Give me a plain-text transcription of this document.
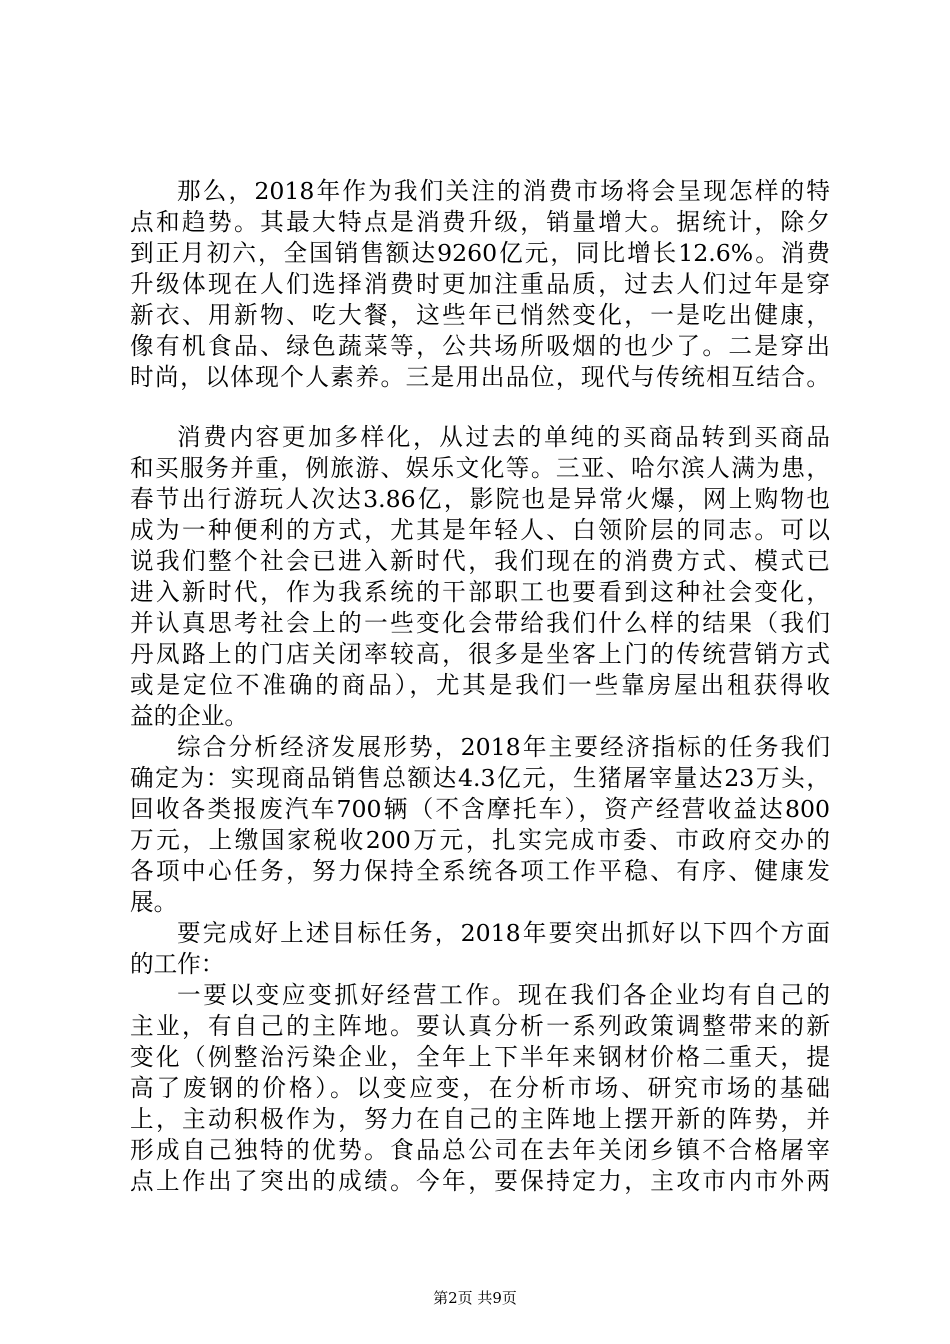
那么，2018年作为我们关注的消费市场将会呈现怎样的特
点和趋势。其最大特点是消费升级，销量增大。据统计，除夕
到正月初六，全国销售额达9260亿元，同比增长12.6%。消费
升级体现在人们选择消费时更加注重品质，过去人们过年是穿
新衣、用新物、吃大餐，这些年已悄然变化，一是吃出健康，
像有机食品、绿色蔬菜等，公共场所吸烟的也少了。二是穿出
时尚，以体现个人素养。三是用出品位，现代与传统相互结合。
消费内容更加多样化，从过去的单纯的买商品转到买商品
和买服务并重，例旅游、娱乐文化等。三亚、哈尔滨人满为患，
春节出行游玩人次达3.86亿，影院也是异常火爆，网上购物也
成为一种便利的方式，尤其是年轻人、白领阶层的同志。可以
说我们整个社会已进入新时代，我们现在的消费方式、模式已
进入新时代，作为我系统的干部职工也要看到这种社会变化，
并认真思考社会上的一些变化会带给我们什么样的结果（我们
丹凤路上的门店关闭率较高，很多是坐客上门的传统营销方式
或是定位不准确的商品），尤其是我们一些靠房屋出租获得收
益的企业。
综合分析经济发展形势，2018年主要经济指标的任务我们
确定为：实现商品销售总额达4.3亿元，生猪屠宰量达23万头，
回收各类报废汽车700辆（不含摩托车），资产经营收益达800
万元，上缴国家税收200万元，扎实完成市委、市政府交办的
各项中心任务，努力保持全系统各项工作平稳、有序、健康发
展。
要完成好上述目标任务，2018年要突出抓好以下四个方面
的工作：
一要以变应变抓好经营工作。现在我们各企业均有自己的
主业，有自己的主阵地。要认真分析一系列政策调整带来的新
变化（例整治污染企业，全年上下半年来钢材价格二重天，提
高了废钢的价格）。以变应变，在分析市场、研究市场的基础
上，主动积极作为，努力在自己的主阵地上摆开新的阵势，并
形成自己独特的优势。食品总公司在去年关闭乡镇不合格屠宰
点上作出了突出的成绩。今年，要保持定力，主攻市内市外两
第2页 共9页
